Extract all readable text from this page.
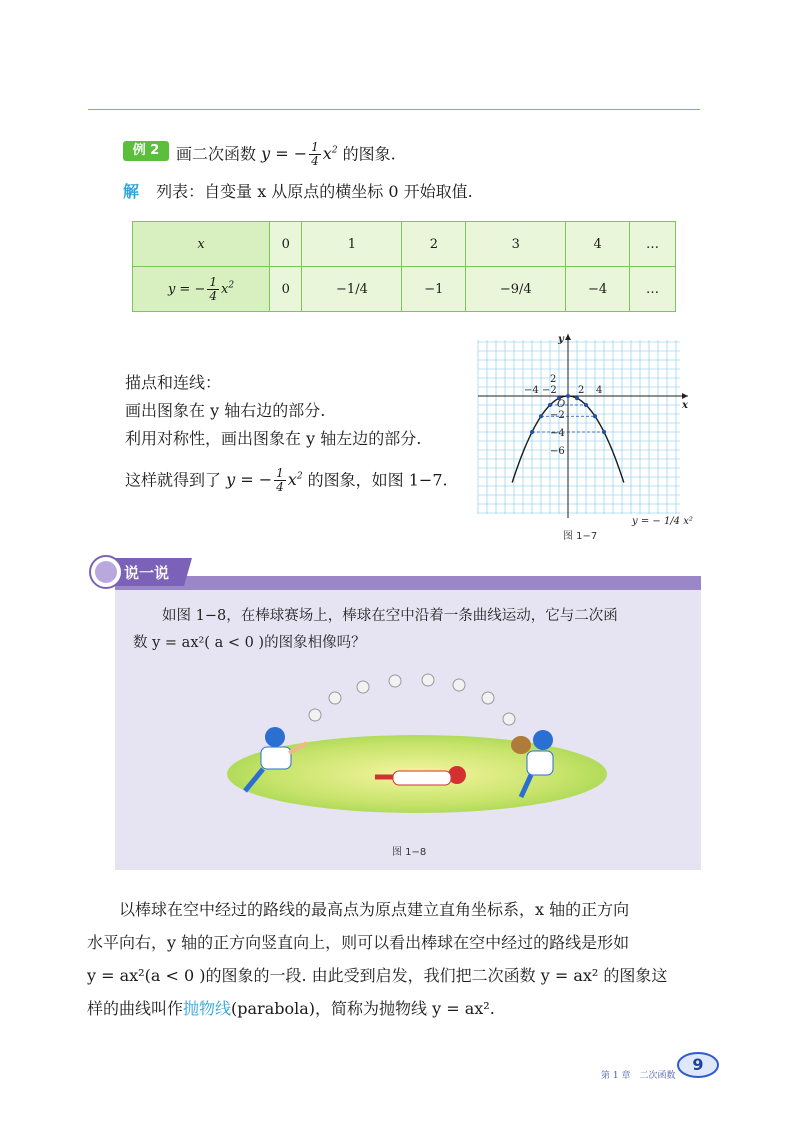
例 2	画二次函数 y = − $\frac{1}{4} x^2$ 的图象.
解 列表：自变量 x 从原点的横坐标 0 开始取值.
x	0	1	2	3	4	…
y = − $\frac{1}{4} x^2$	0	−1/4	−1	−9/4	−4	…
描点和连线：
画出图象在 y 轴右边的部分.
利用对称性，画出图象在 y 轴左边的部分.
这样就得到了 y = − $\frac{1}{4} x^2$ 的图象，如图 1−7.
x
y
O
−4 −2 2 4
2
−2
−4
−6
y = − 1/4 x²
图 1−7
说一说
如图 1−8，在棒球赛场上，棒球在空中沿着一条曲线运动，它与二次函
数 y = ax²( a < 0 )的图象相像吗？
图 1−8
以棒球在空中经过的路线的最高点为原点建立直角坐标系，x 轴的正方向
水平向右，y 轴的正方向竖直向上，则可以看出棒球在空中经过的路线是形如
y = ax²(a < 0 )的图象的一段. 由此受到启发，我们把二次函数 y = ax² 的图象这
样的曲线叫作抛物线(parabola)，简称为抛物线 y = ax².
第 1 章　二次函数
9
